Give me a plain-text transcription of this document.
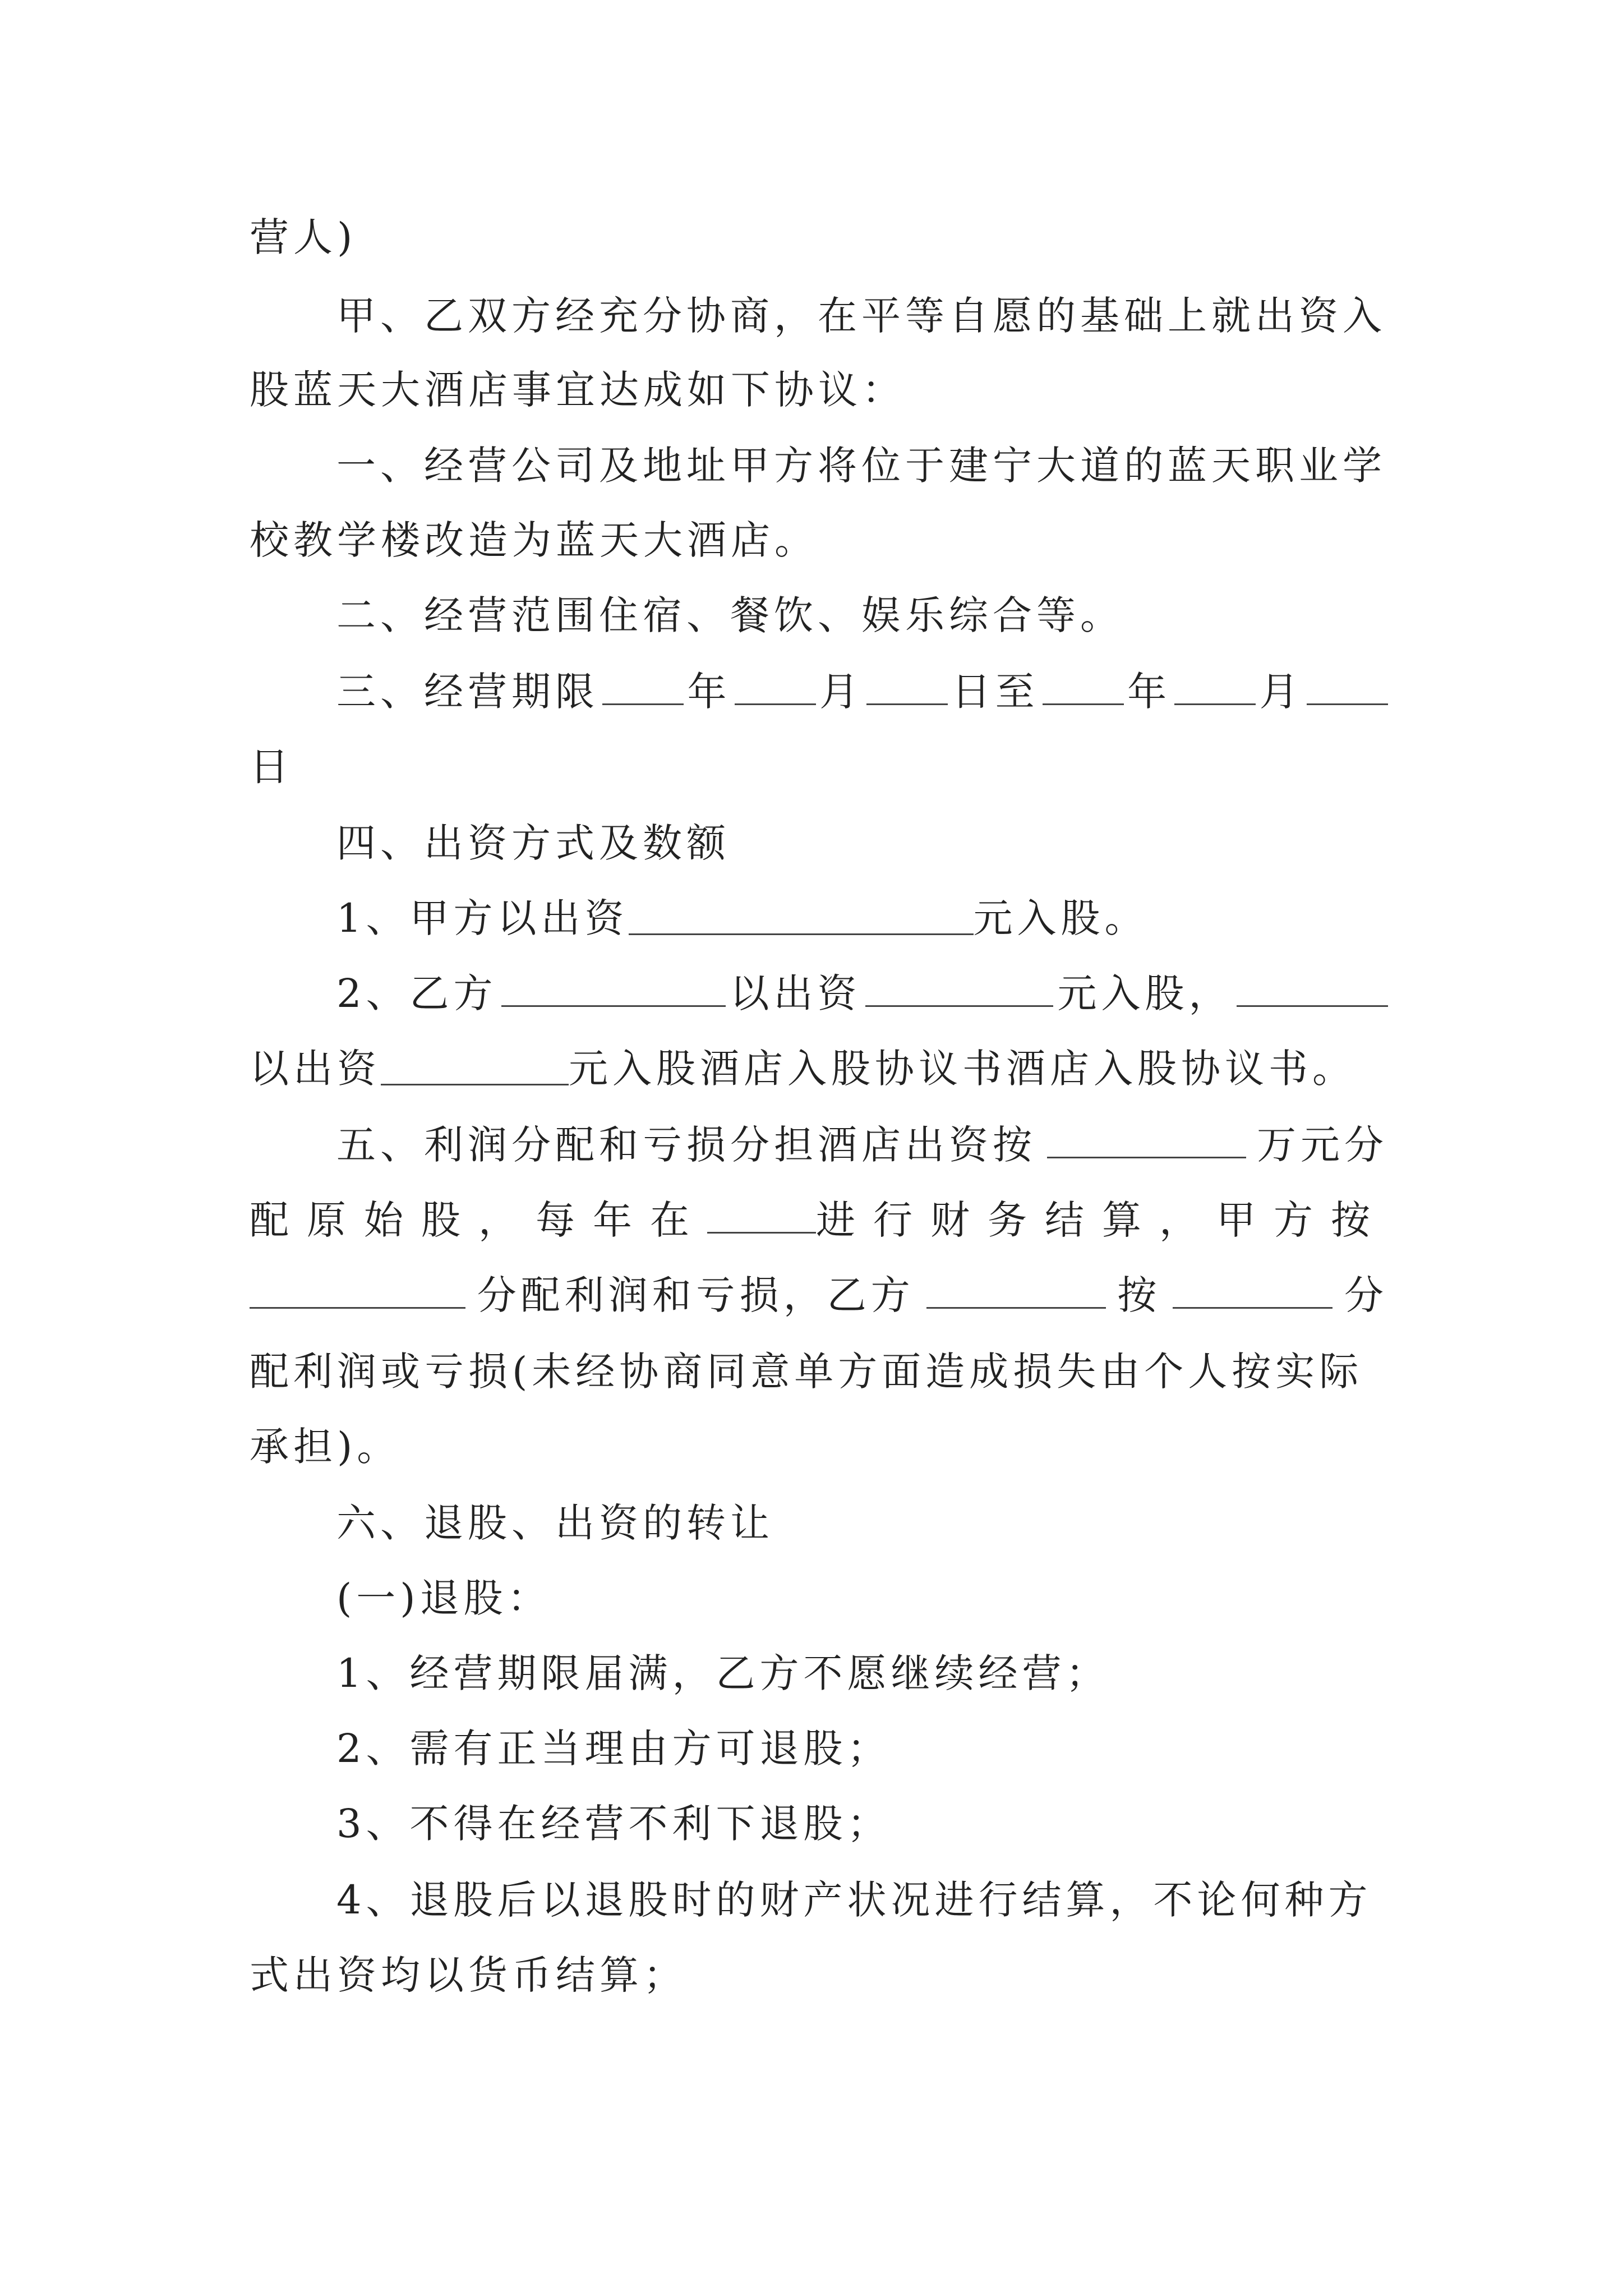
营人)
甲、乙双方经充分协商，在平等自愿的基础上就出资入
股蓝天大酒店事宜达成如下协议：
一、经营公司及地址甲方将位于建宁大道的蓝天职业学
校教学楼改造为蓝天大酒店。
二、经营范围住宿、餐饮、娱乐综合等。
三、经营期限 年 月 日至 年 月
日
四、出资方式及数额
1、甲方以出资	元入股。
2、乙方	以出资	元入股，
以出资	元入股酒店入股协议书酒店入股协议书。
五、利润分配和亏损分担酒店出资按	万元分
配原始股，每年在	进行财务结算，甲方按
分配利润和亏损，乙方	按	分
配利润或亏损(未经协商同意单方面造成损失由个人按实际
承担)。
六、退股、出资的转让
(一)退股：
1、经营期限届满，乙方不愿继续经营；
2、需有正当理由方可退股；
3、不得在经营不利下退股；
4、退股后以退股时的财产状况进行结算，不论何种方
式出资均以货币结算；
